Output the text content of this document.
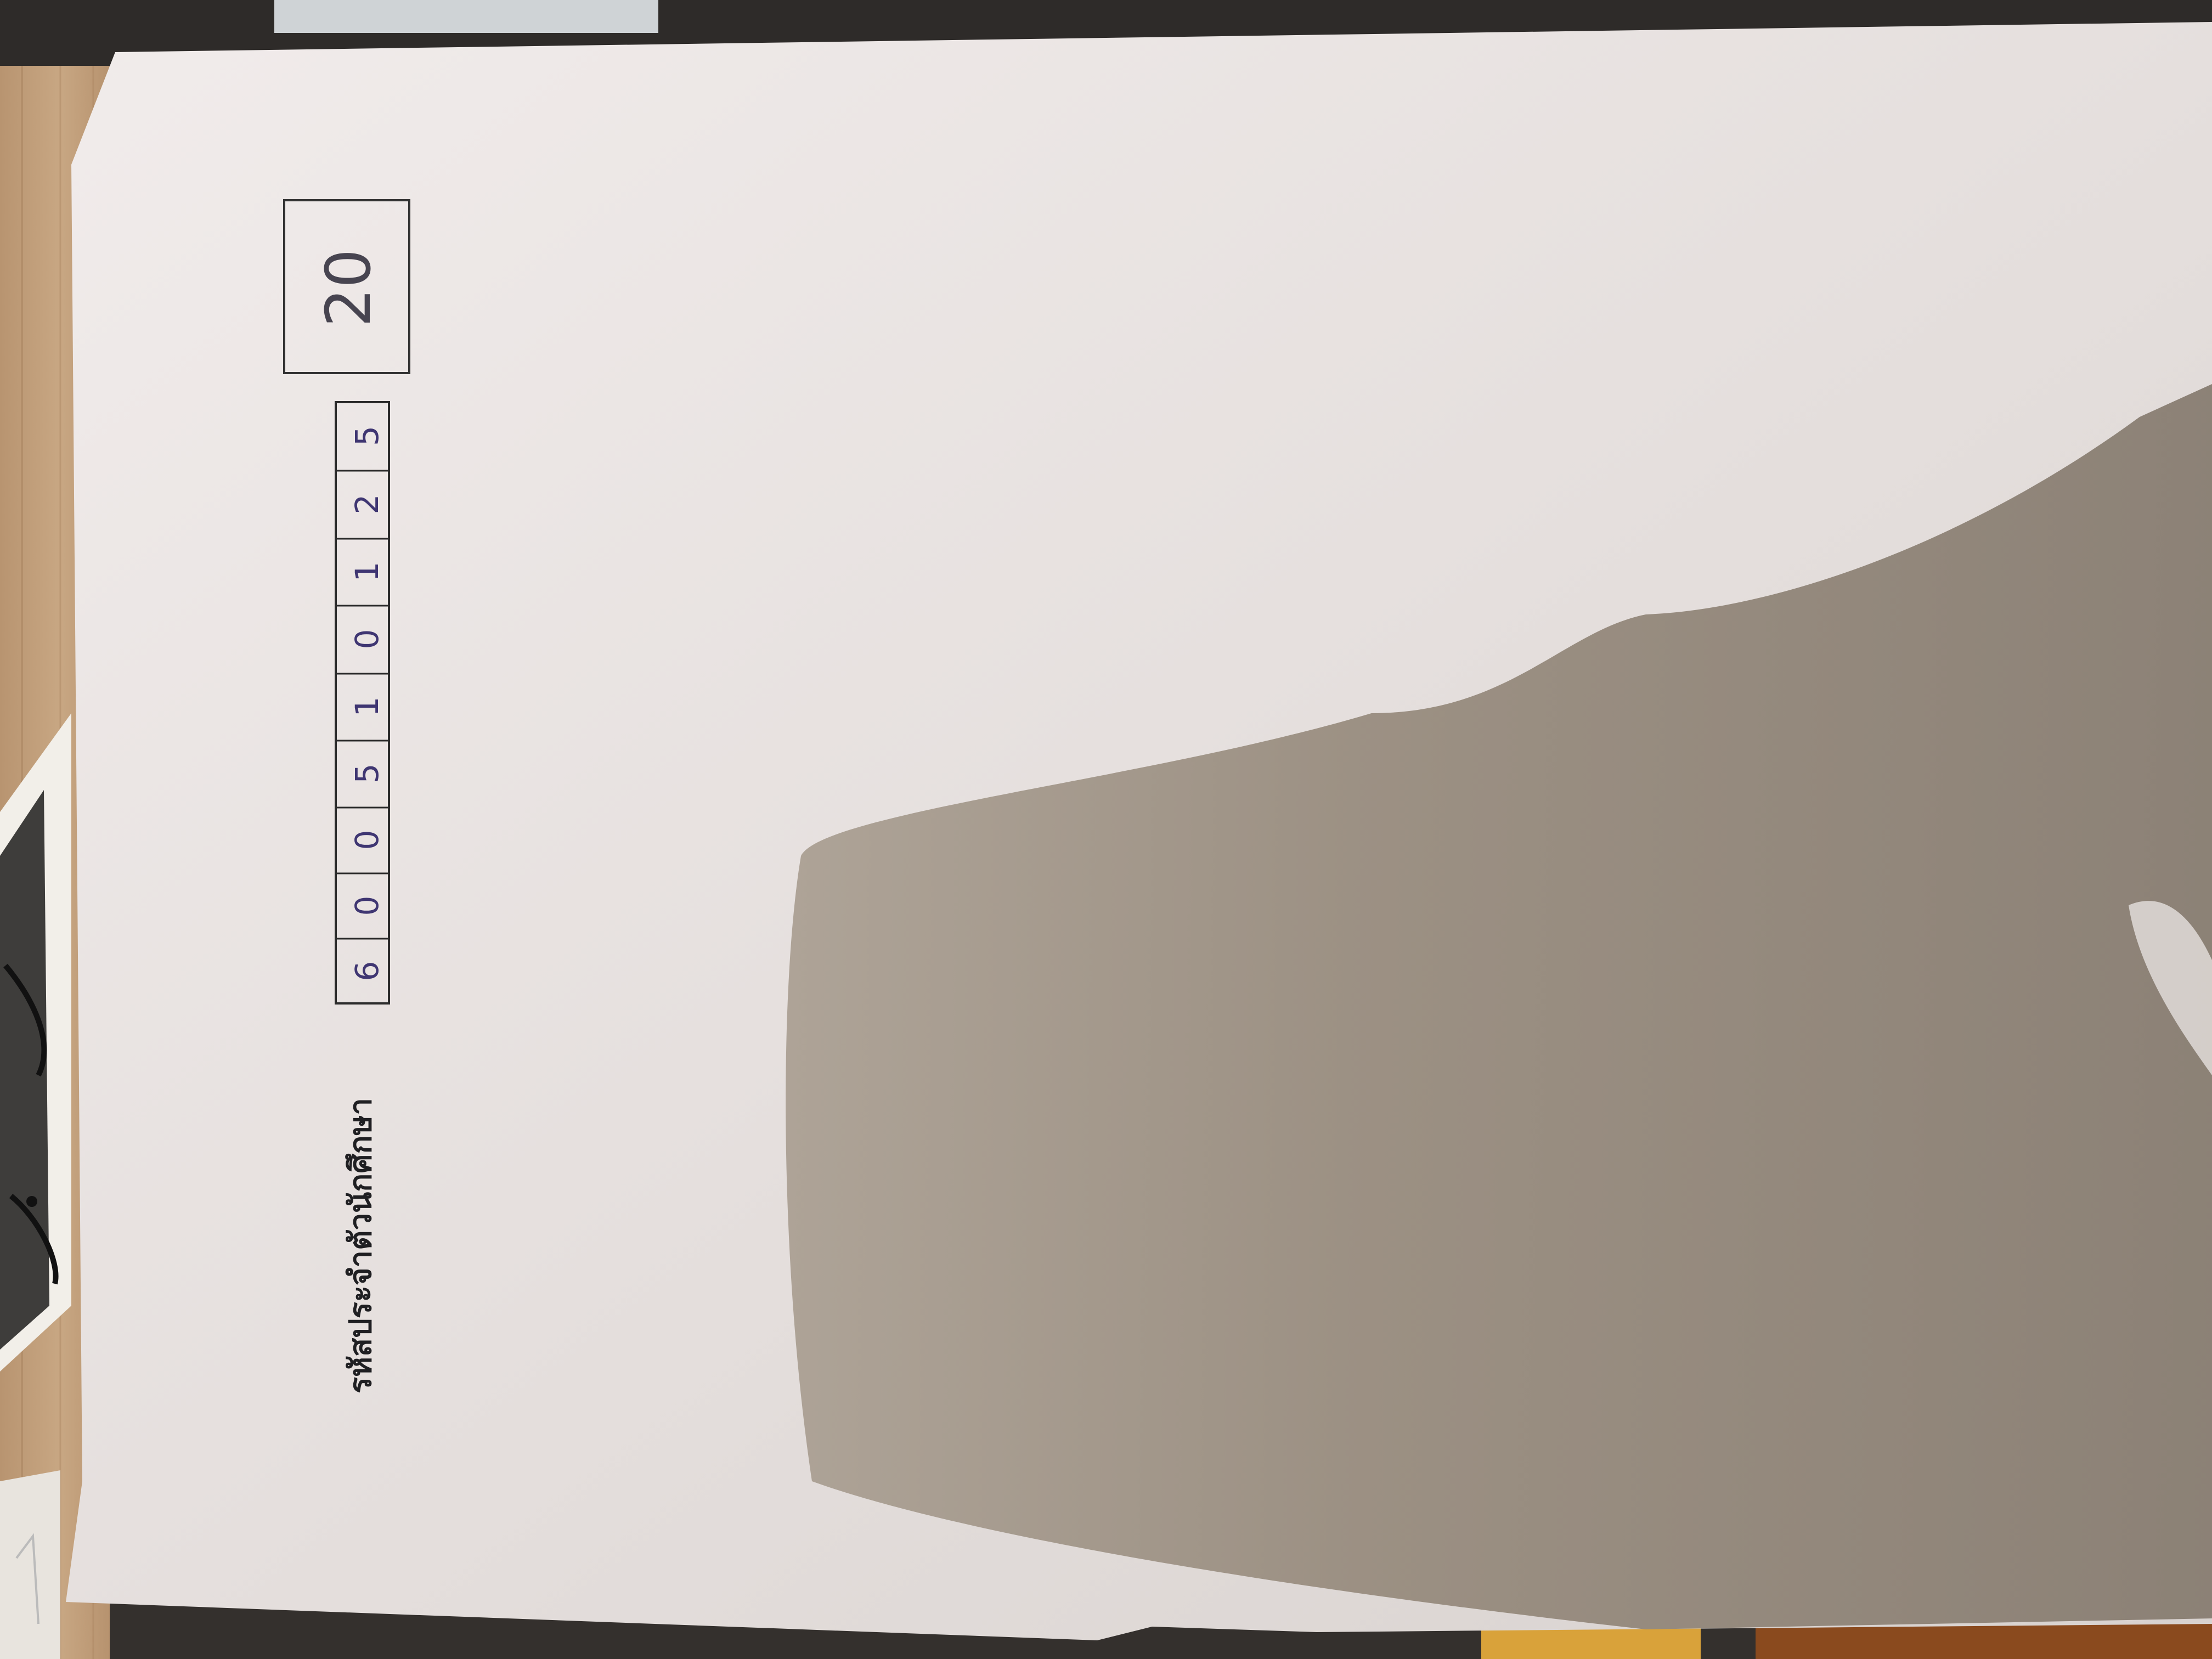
รหัสประจำตัวนักศึกษา
6
0
0
5
1
0
1
2
5
20
